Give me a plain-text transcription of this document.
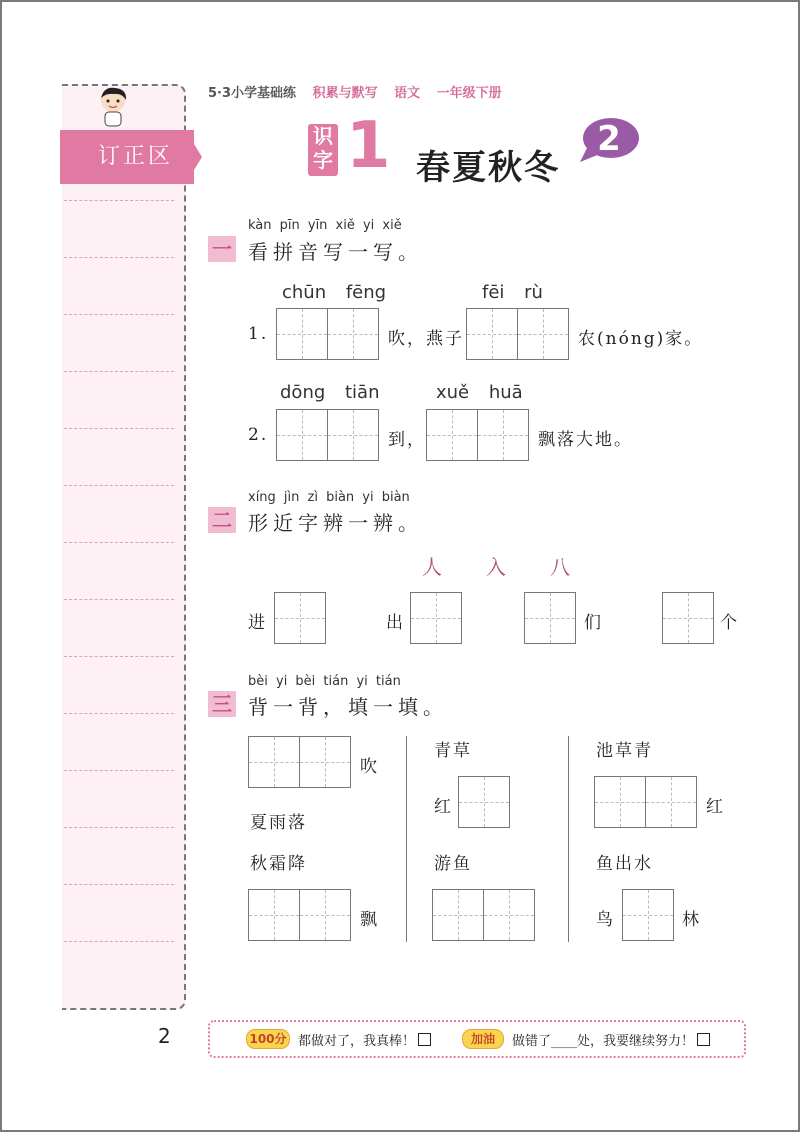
订正区
5·3小学基础练 积累与默写 语文 一年级下册
识字 1 春夏秋冬
2
kàn pīn yīn xiě yi xiě
一 看拼音写一写。
chūn fēng	fēi rù
1.	吹，燕子	农(nóng)家。
dōng tiān	xuě huā
2.	到，	飘落大地。
xíng jìn zì biàn yi biàn
二 形近字辨一辨。
人 入 八
进	出	们	个
bèi yi bèi tián yi tián
三 背一背，填一填。
吹
夏雨落
秋霜降
飘
青草
红
游鱼
池草青
红
鱼出水
鸟	林
2	100分 都做对了，我真棒！	加油	做错了____处，我要继续努力！
